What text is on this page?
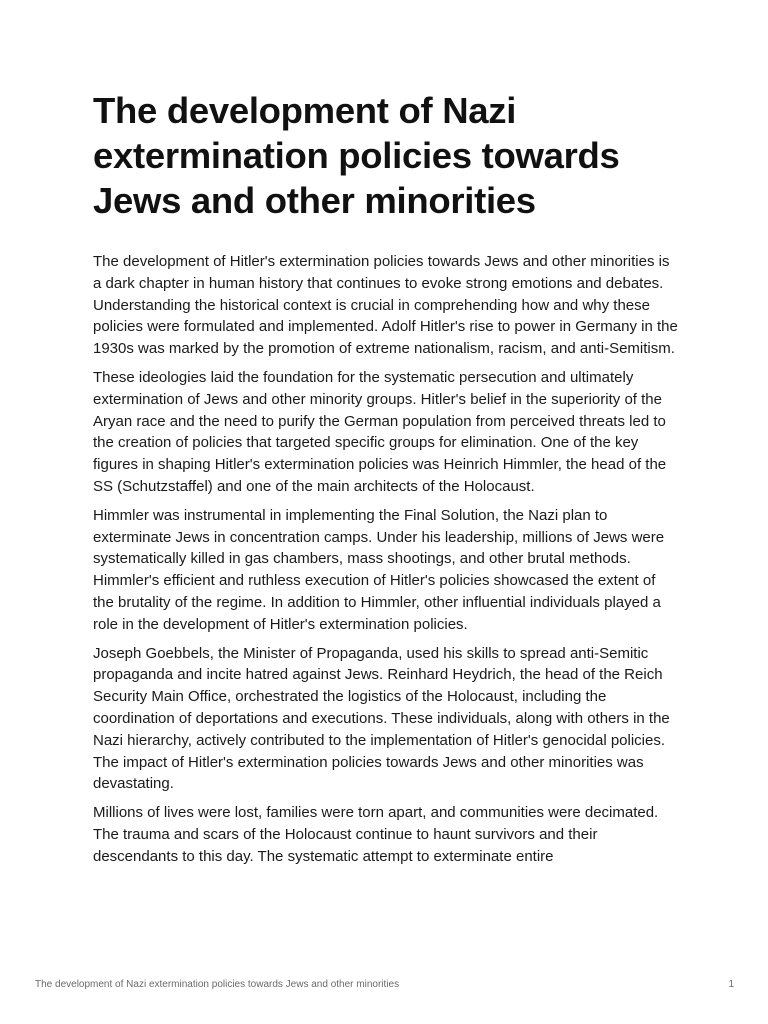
The development of Nazi extermination policies towards Jews and other minorities

The development of Hitler's extermination policies towards Jews and other minorities is a dark chapter in human history that continues to evoke strong emotions and debates. Understanding the historical context is crucial in comprehending how and why these policies were formulated and implemented. Adolf Hitler's rise to power in Germany in the 1930s was marked by the promotion of extreme nationalism, racism, and anti-Semitism.

These ideologies laid the foundation for the systematic persecution and ultimately extermination of Jews and other minority groups. Hitler's belief in the superiority of the Aryan race and the need to purify the German population from perceived threats led to the creation of policies that targeted specific groups for elimination. One of the key figures in shaping Hitler's extermination policies was Heinrich Himmler, the head of the SS (Schutzstaffel) and one of the main architects of the Holocaust.

Himmler was instrumental in implementing the Final Solution, the Nazi plan to exterminate Jews in concentration camps. Under his leadership, millions of Jews were systematically killed in gas chambers, mass shootings, and other brutal methods. Himmler's efficient and ruthless execution of Hitler's policies showcased the extent of the brutality of the regime. In addition to Himmler, other influential individuals played a role in the development of Hitler's extermination policies.

Joseph Goebbels, the Minister of Propaganda, used his skills to spread anti-Semitic propaganda and incite hatred against Jews. Reinhard Heydrich, the head of the Reich Security Main Office, orchestrated the logistics of the Holocaust, including the coordination of deportations and executions. These individuals, along with others in the Nazi hierarchy, actively contributed to the implementation of Hitler's genocidal policies. The impact of Hitler's extermination policies towards Jews and other minorities was devastating.

Millions of lives were lost, families were torn apart, and communities were decimated. The trauma and scars of the Holocaust continue to haunt survivors and their descendants to this day. The systematic attempt to exterminate entire

The development of Nazi extermination policies towards Jews and other minorities	1
